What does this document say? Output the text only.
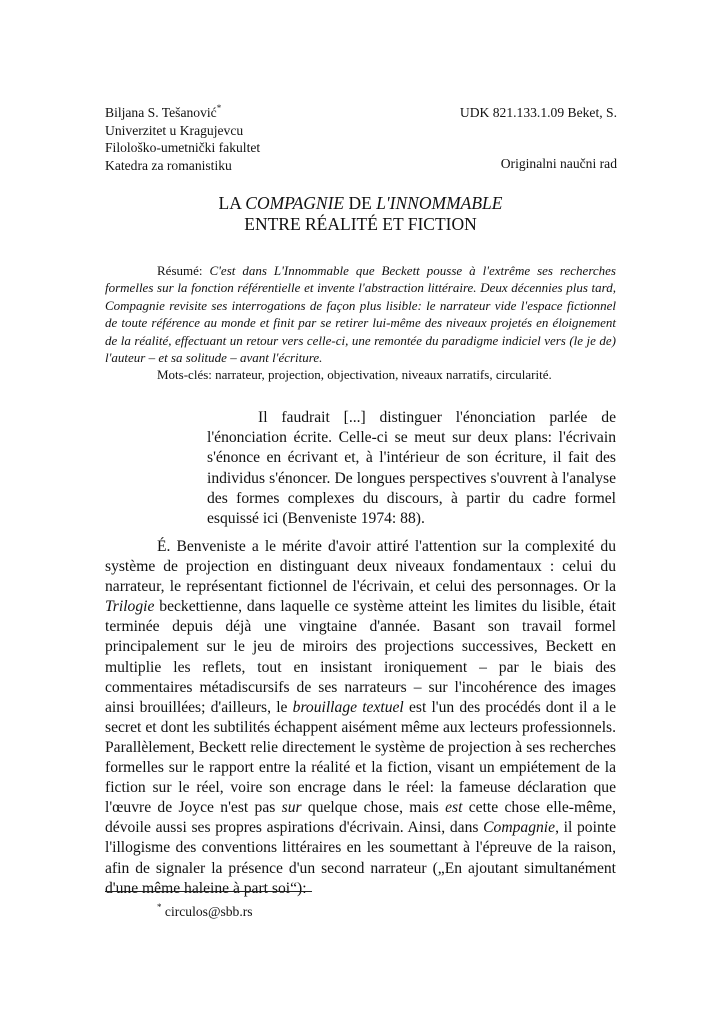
Biljana S. Tešanović*
Univerzitet u Kragujevcu
Filološko-umetnički fakultet
Katedra za romanistiku
UDK 821.133.1.09 Beket, S.
Originalni naučni rad
LA COMPAGNIE DE L'INNOMMABLE
ENTRE RÉALITÉ ET FICTION
Résumé: C'est dans L'Innommable que Beckett pousse à l'extrême ses recherches formelles sur la fonction référentielle et invente l'abstraction littéraire. Deux décennies plus tard, Compagnie revisite ses interrogations de façon plus lisible: le narrateur vide l'espace fictionnel de toute référence au monde et finit par se retirer lui-même des niveaux projetés en éloignement de la réalité, effectuant un retour vers celle-ci, une remontée du paradigme indiciel vers (le je de) l'auteur – et sa solitude – avant l'écriture.
Mots-clés: narrateur, projection, objectivation, niveaux narratifs, circularité.
Il faudrait [...] distinguer l'énonciation parlée de l'énonciation écrite. Celle-ci se meut sur deux plans: l'écrivain s'énonce en écrivant et, à l'intérieur de son écriture, il fait des individus s'énoncer. De longues perspectives s'ouvrent à l'analyse des formes complexes du discours, à partir du cadre formel esquissé ici (Benveniste 1974: 88).
É. Benveniste a le mérite d'avoir attiré l'attention sur la complexité du système de projection en distinguant deux niveaux fondamentaux : celui du narrateur, le représentant fictionnel de l'écrivain, et celui des personnages. Or la Trilogie beckettienne, dans laquelle ce système atteint les limites du lisible, était terminée depuis déjà une vingtaine d'année. Basant son travail formel principalement sur le jeu de miroirs des projections successives, Beckett en multiplie les reflets, tout en insistant ironiquement – par le biais des commentaires métadiscursifs de ses narrateurs – sur l'incohérence des images ainsi brouillées; d'ailleurs, le brouillage textuel est l'un des procédés dont il a le secret et dont les subtilités échappent aisément même aux lecteurs professionnels. Parallèlement, Beckett relie directement le système de projection à ses recherches formelles sur le rapport entre la réalité et la fiction, visant un empiétement de la fiction sur le réel, voire son encrage dans le réel: la fameuse déclaration que l'œuvre de Joyce n'est pas sur quelque chose, mais est cette chose elle-même, dévoile aussi ses propres aspirations d'écrivain. Ainsi, dans Compagnie, il pointe l'illogisme des conventions littéraires en les soumettant à l'épreuve de la raison, afin de signaler la présence d'un second narrateur („En ajoutant simultanément d'une même haleine à part soi“):
* circulos@sbb.rs
